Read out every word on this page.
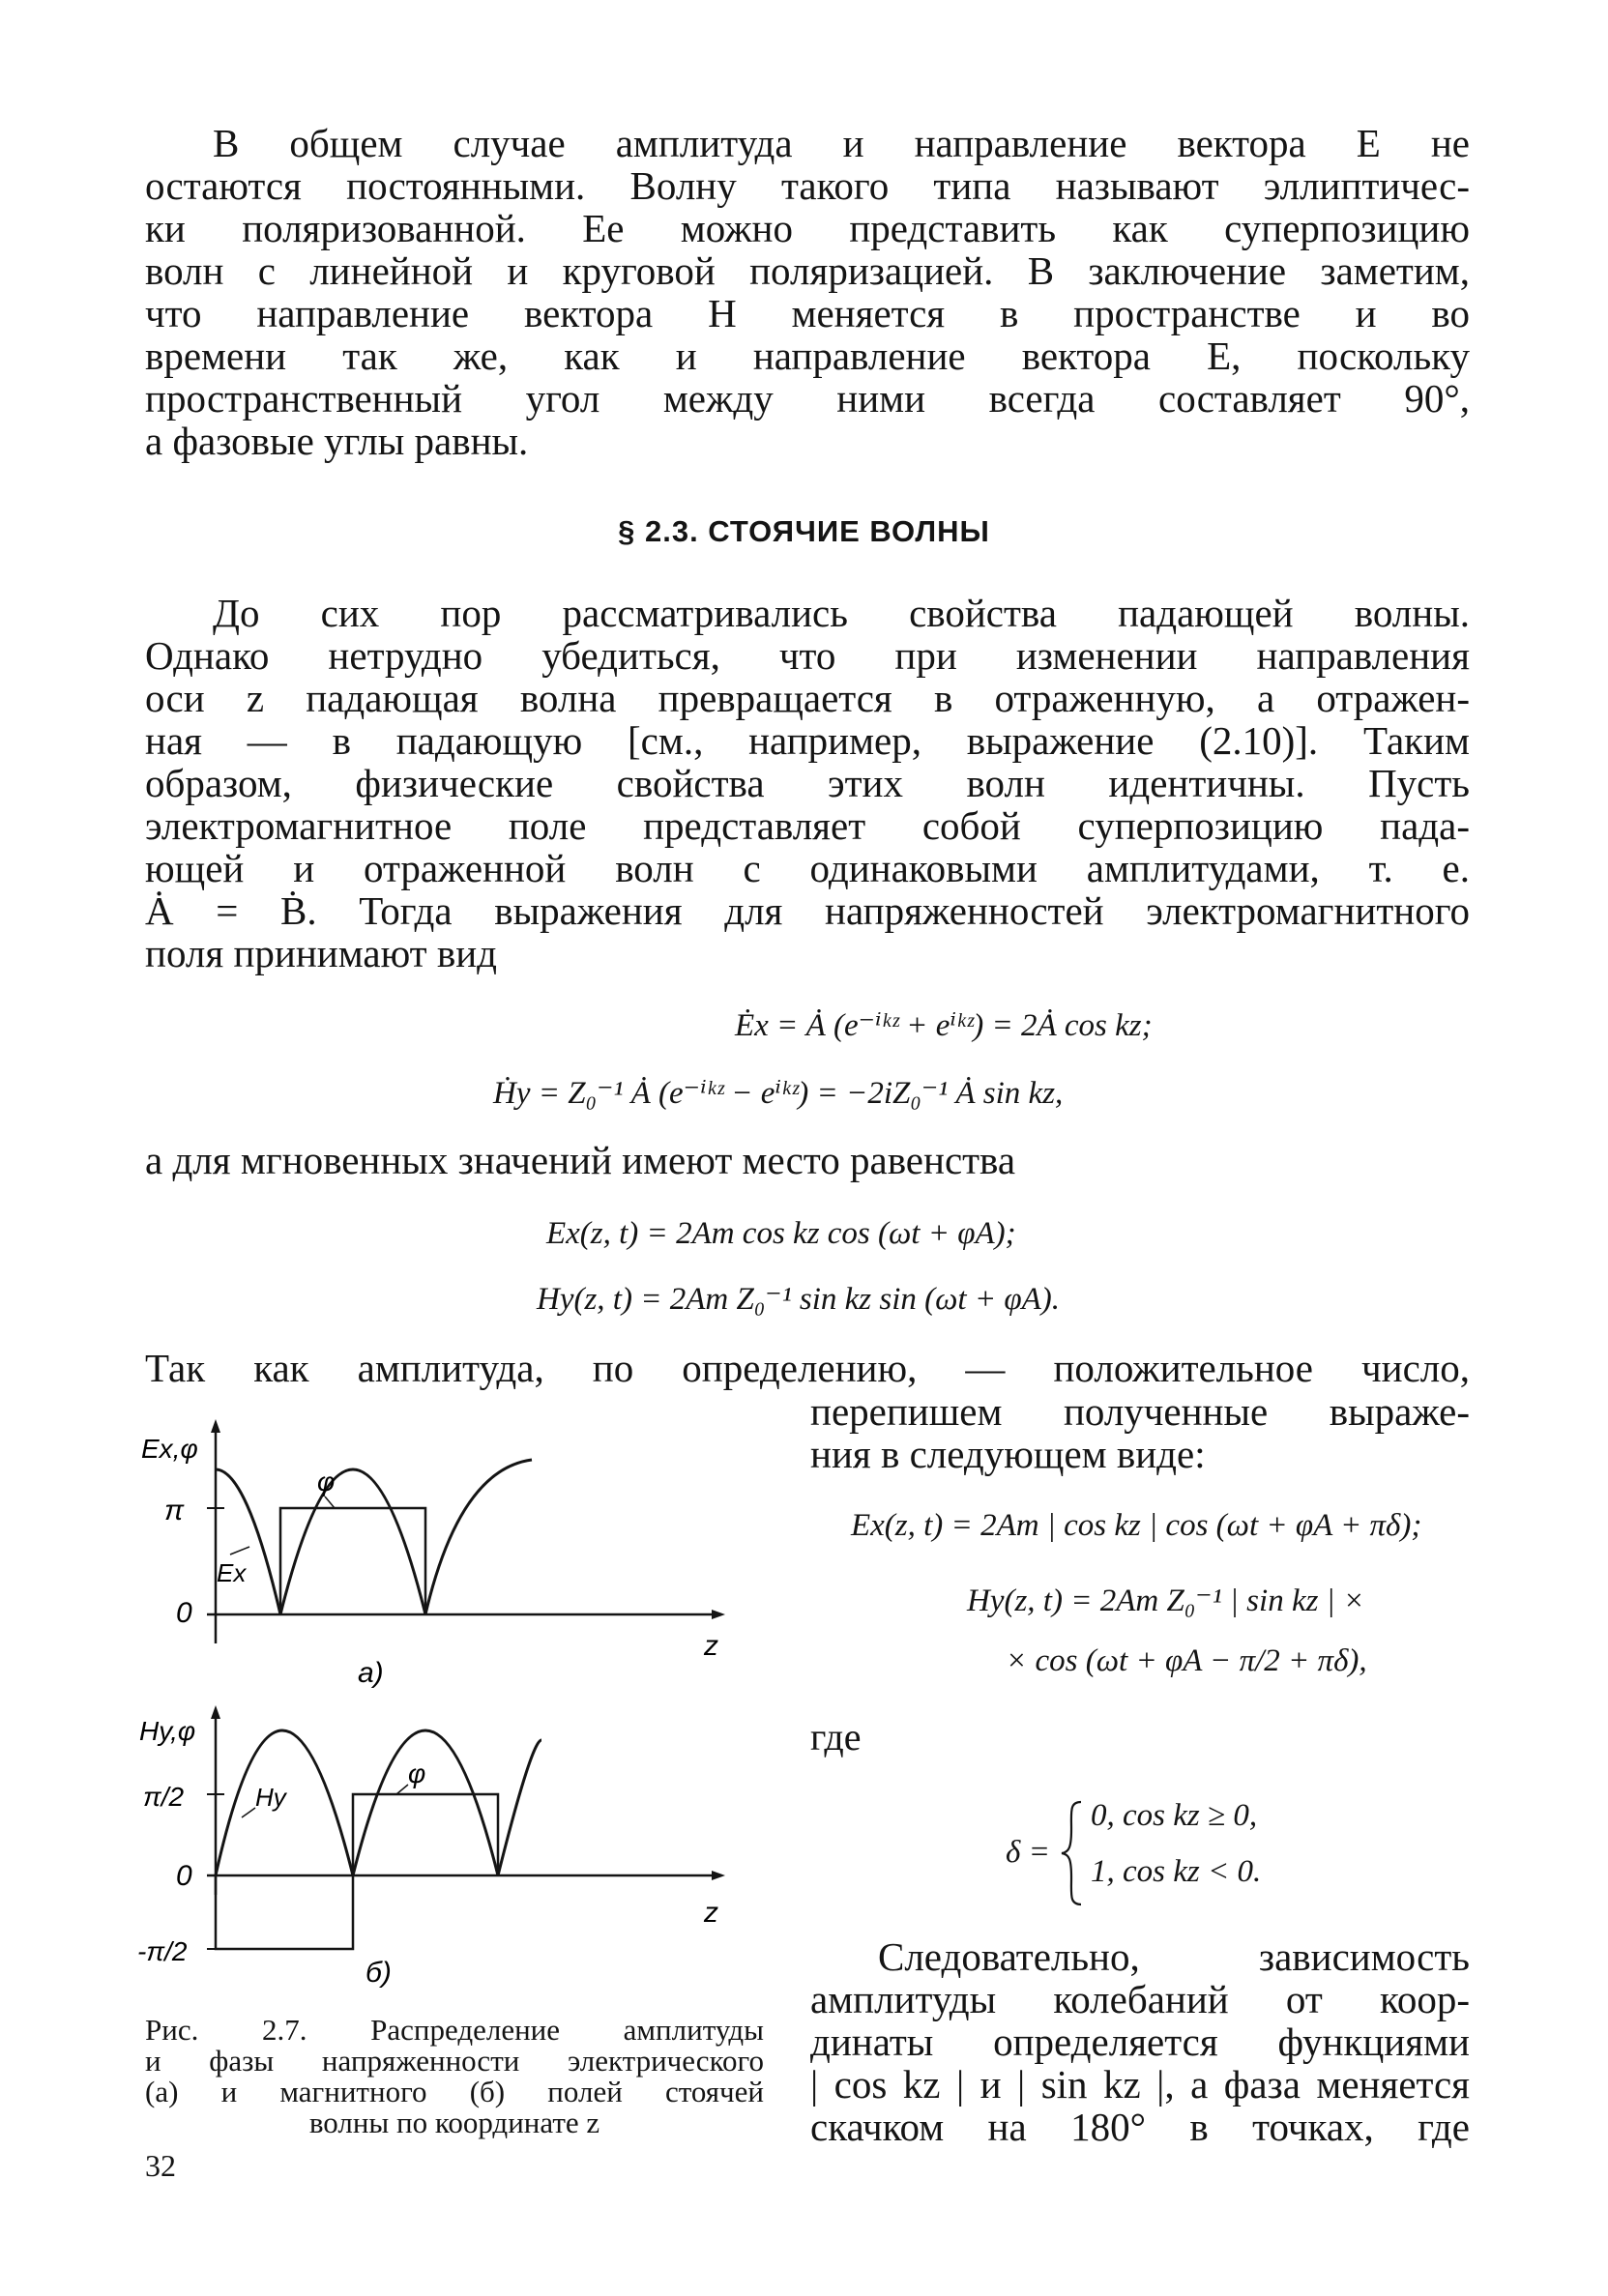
В общем случае амплитуда и направление вектора E не
остаются постоянными. Волну такого типа называют эллиптичес-
ки поляризованной. Ее можно представить как суперпозицию
волн с линейной и круговой поляризацией. В заключение заметим,
что направление вектора H меняется в пространстве и во
времени так же, как и направление вектора E, поскольку
пространственный угол между ними всегда составляет 90°,
а фазовые углы равны.
§ 2.3. СТОЯЧИЕ ВОЛНЫ
До сих пор рассматривались свойства падающей волны.
Однако нетрудно убедиться, что при изменении направления
оси z падающая волна превращается в отраженную, а отражен-
ная — в падающую [см., например, выражение (2.10)]. Таким
образом, физические свойства этих волн идентичны. Пусть
электромагнитное поле представляет собой суперпозицию пада-
ющей и отраженной волн с одинаковыми амплитудами, т. е.
Ȧ = Ḃ. Тогда выражения для напряженностей электромагнитного
поля принимают вид
Ėx = Ȧ (e⁻ⁱᵏᶻ + eⁱᵏᶻ) = 2Ȧ cos kz;
Ḣy = Z₀⁻¹ Ȧ (e⁻ⁱᵏᶻ − eⁱᵏᶻ) = −2iZ₀⁻¹ Ȧ sin kz,
а для мгновенных значений имеют место равенства
Ex(z, t) = 2Am cos kz cos (ωt + φA);
Hy(z, t) = 2Am Z₀⁻¹ sin kz sin (ωt + φA).
Так как амплитуда, по определению, — положительное число,
перепишем полученные выраже-
ния в следующем виде:
Ex(z, t) = 2Am | cos kz | cos (ωt + φA + πδ);
Hy(z, t) = 2Am Z₀⁻¹ | sin kz | ×
× cos (ωt + φA − π/2 + πδ),
где
δ =
0, cos kz ≥ 0,
1, cos kz < 0.
Следовательно, зависимость
амплитуды колебаний от коор-
динаты определяется функциями
| cos kz | и | sin kz |, а фаза меняется
скачком на 180° в точках, где
Ex,φ
π
0
Ex
φ
z
а)
Hy,φ
π/2
0
-π/2
Hy
φ
z
б)
Рис. 2.7. Распределение амплитуды
и фазы напряженности электрического
(а) и магнитного (б) полей стоячей
волны по координате z
32
